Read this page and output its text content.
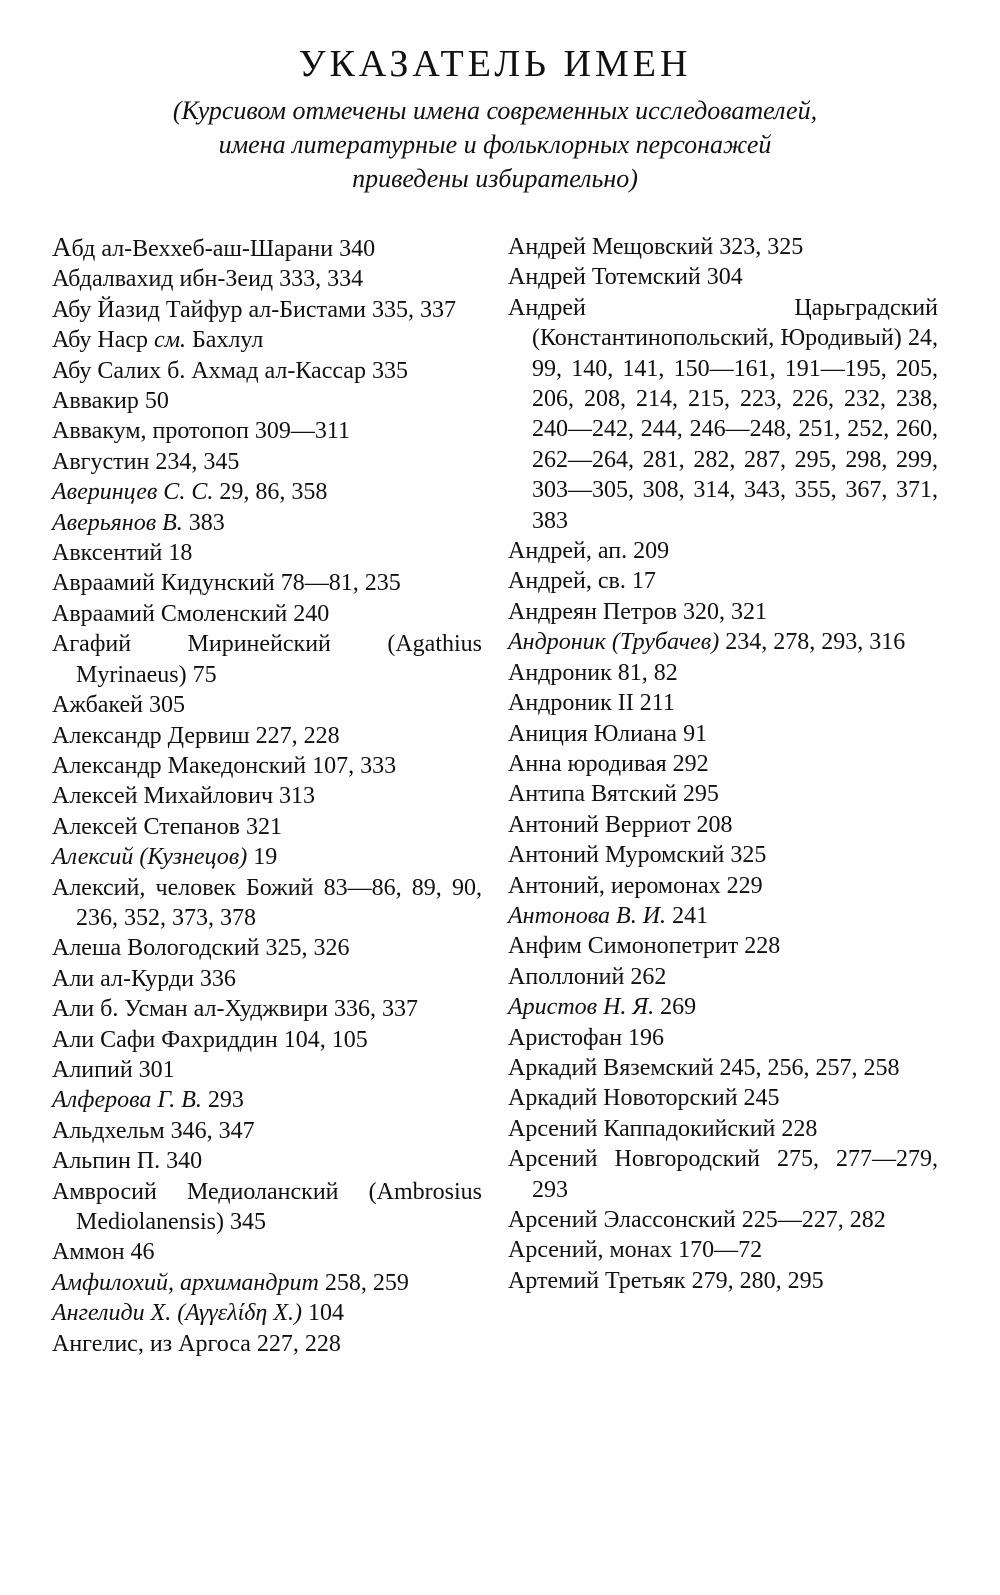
УКАЗАТЕЛЬ ИМЕН
(Курсивом отмечены имена современных исследователей,
имена литературные и фольклорных персонажей
приведены избирательно)
Абд ал-Веххеб-аш-Шарани 340
Абдалвахид ибн-Зеид 333, 334
Абу Йазид Тайфур ал-Бистами 335, 337
Абу Наср см. Бахлул
Абу Салих б. Ахмад ал-Кассар 335
Аввакир 50
Аввакум, протопоп 309—311
Августин 234, 345
Аверинцев С. С. 29, 86, 358
Аверьянов В. 383
Авксентий 18
Авраамий Кидунский 78—81, 235
Авраамий Смоленский 240
Агафий Миринейский (Agathius Myrinaeus) 75
Ажбакей 305
Александр Дервиш 227, 228
Александр Македонский 107, 333
Алексей Михайлович 313
Алексей Степанов 321
Алексий (Кузнецов) 19
Алексий, человек Божий 83—86, 89, 90, 236, 352, 373, 378
Алеша Вологодский 325, 326
Али ал-Курди 336
Али б. Усман ал-Худжвири 336, 337
Али Сафи Фахриддин 104, 105
Алипий 301
Алферова Г. В. 293
Альдхельм 346, 347
Альпин П. 340
Амвросий Медиоланский (Ambrosius Mediolanensis) 345
Аммон 46
Амфилохий, архимандрит 258, 259
Ангелиди Х. (Αγγελίδη Χ.) 104
Ангелис, из Аргоса 227, 228
Андрей Мещовский 323, 325
Андрей Тотемский 304
Андрей Царьградский (Константинопольский, Юродивый) 24, 99, 140, 141, 150—161, 191—195, 205, 206, 208, 214, 215, 223, 226, 232, 238, 240—242, 244, 246—248, 251, 252, 260, 262—264, 281, 282, 287, 295, 298, 299, 303—305, 308, 314, 343, 355, 367, 371, 383
Андрей, ап. 209
Андрей, св. 17
Андреян Петров 320, 321
Андроник (Трубачев) 234, 278, 293, 316
Андроник 81, 82
Андроник II 211
Аниция Юлиана 91
Анна юродивая 292
Антипа Вятский 295
Антоний Верриот 208
Антоний Муромский 325
Антоний, иеромонах 229
Антонова В. И. 241
Анфим Симонопетрит 228
Аполлоний 262
Аристов Н. Я. 269
Аристофан 196
Аркадий Вяземский 245, 256, 257, 258
Аркадий Новоторский 245
Арсений Каппадокийский 228
Арсений Новгородский 275, 277—279, 293
Арсений Элассонский 225—227, 282
Арсений, монах 170—72
Артемий Третьяк 279, 280, 295
